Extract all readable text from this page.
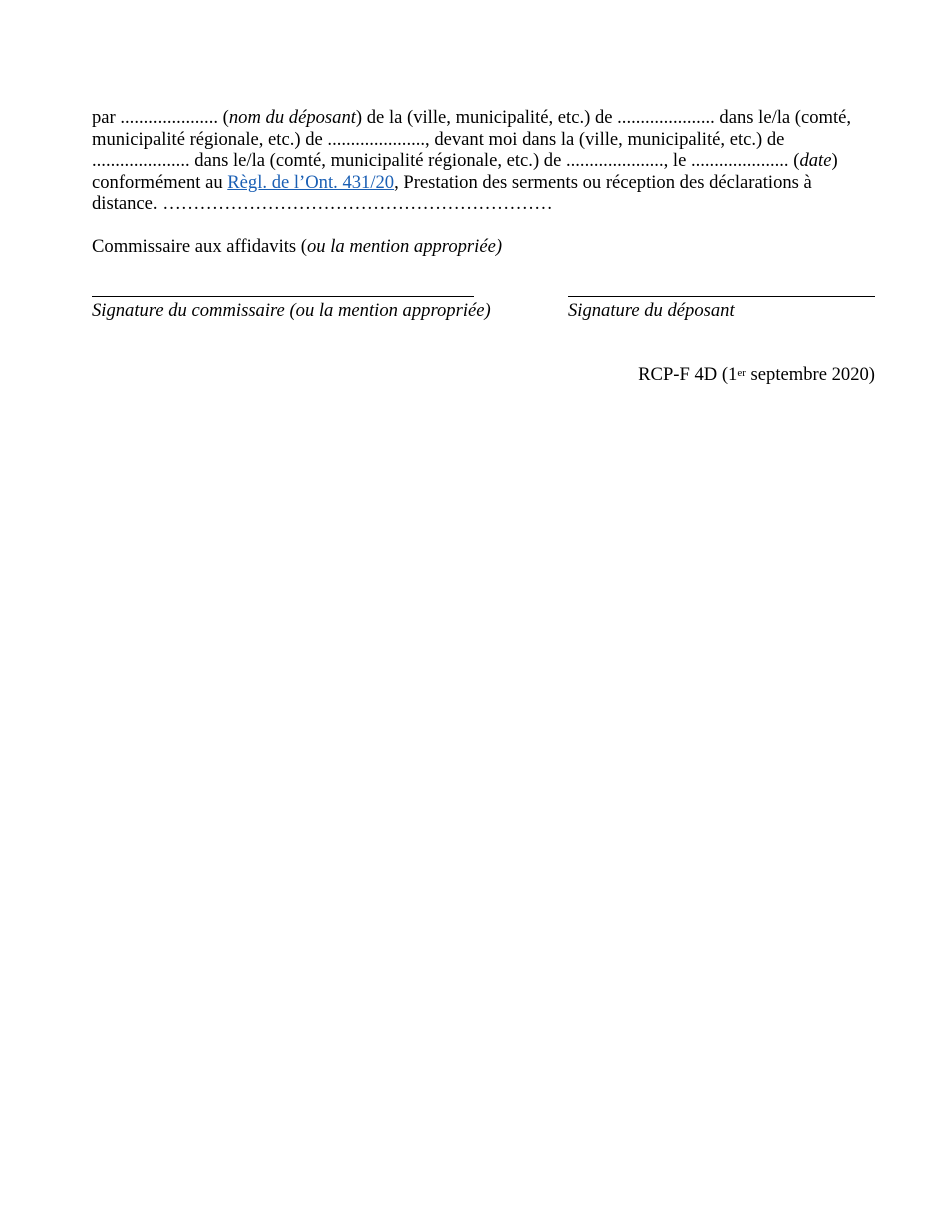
par ..................... (nom du déposant) de la (ville, municipalité, etc.) de ..................... dans le/la (comté,
municipalité régionale, etc.) de ....................., devant moi dans la (ville, municipalité, etc.) de
..................... dans le/la (comté, municipalité régionale, etc.) de ....................., le ..................... (date)
conformément au Règl. de l’Ont. 431/20, Prestation des serments ou réception des déclarations à
distance. ………………………………………………………
Commissaire aux affidavits (ou la mention appropriée)
Signature du commissaire (ou la mention appropriée)	Signature du déposant
RCP-F 4D (1er septembre 2020)
